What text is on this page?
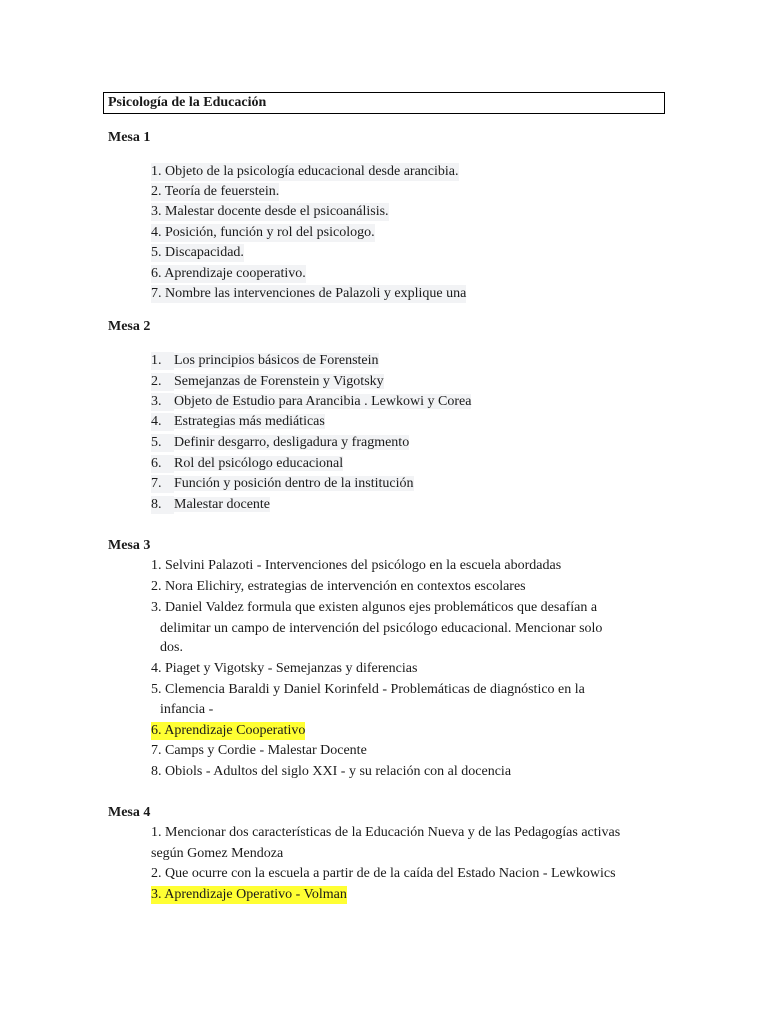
Psicología de la Educación
Mesa 1
1. Objeto de la psicología educacional desde arancibia.
2. Teoría de feuerstein.
3. Malestar docente desde el psicoanálisis.
4. Posición, función y rol del psicologo.
5. Discapacidad.
6. Aprendizaje cooperativo.
7. Nombre las intervenciones de Palazoli y explique una
Mesa 2
1. Los principios básicos de Forenstein
2. Semejanzas de Forenstein y Vigotsky
3. Objeto de Estudio para Arancibia . Lewkowi y Corea
4. Estrategias más mediáticas
5. Definir desgarro, desligadura y fragmento
6. Rol del psicólogo educacional
7. Función y posición dentro de la institución
8. Malestar docente
Mesa 3
1. Selvini Palazoti - Intervenciones del psicólogo en la escuela abordadas
2. Nora Elichiry, estrategias de intervención en contextos escolares
3. Daniel Valdez formula que existen algunos ejes problemáticos que desafían a
delimitar un campo de intervención del psicólogo educacional. Mencionar solo
dos.
4. Piaget y Vigotsky - Semejanzas y diferencias
5. Clemencia Baraldi y Daniel Korinfeld - Problemáticas de diagnóstico en la
infancia -
6. Aprendizaje Cooperativo
7. Camps y Cordie - Malestar Docente
8. Obiols - Adultos del siglo XXI - y su relación con al docencia
Mesa 4
1. Mencionar dos características de la Educación Nueva y de las Pedagogías activas
según Gomez Mendoza
2. Que ocurre con la escuela a partir de de la caída del Estado Nacion - Lewkowics
3. Aprendizaje Operativo - Volman
